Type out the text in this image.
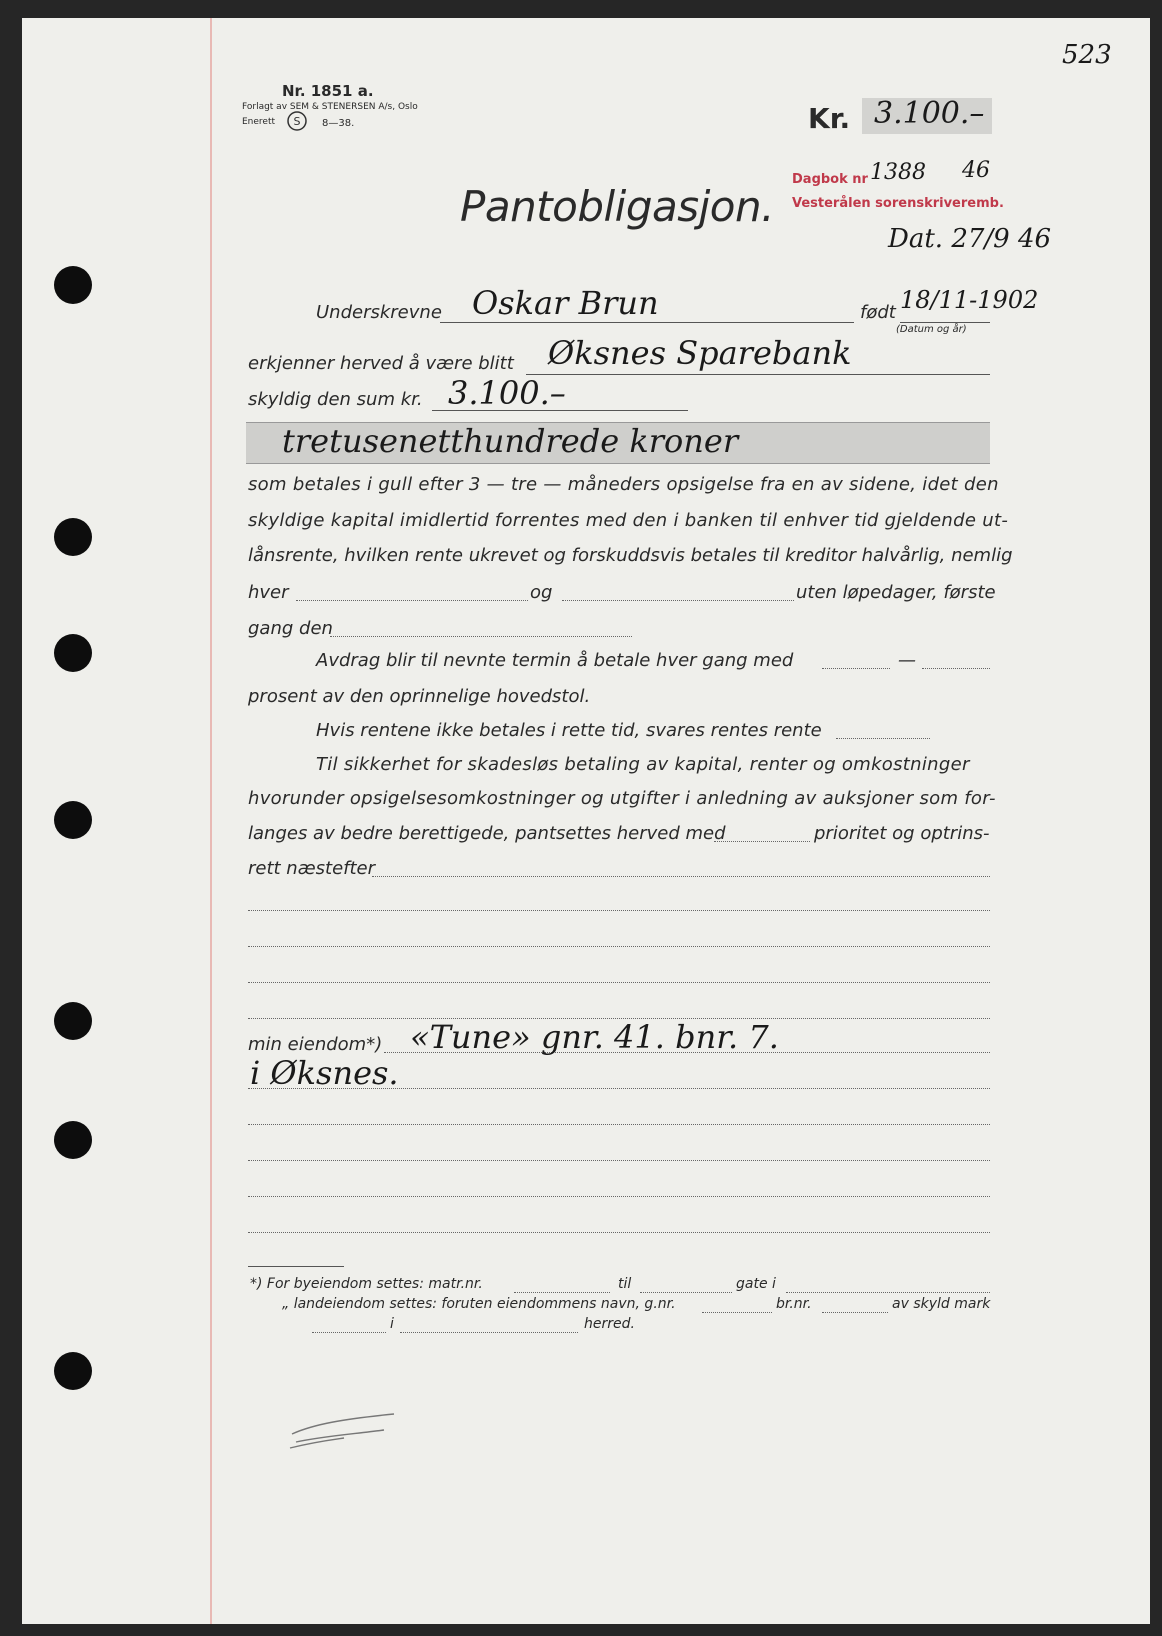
523
Nr. 1851 a.
Forlagt av SEM & STENERSEN A/s, Oslo
Enerett S 8—38.	Kr. 3.100.–
Pantobligasjon.
Dagbok nr 1388 46
Vesterålen sorenskriveremb.
Dat. 27/9 46
Underskrevne Oskar Brun	født 18/11-1902
(Datum og år)
erkjenner herved å være blitt Øksnes Sparebank
skyldig den sum kr. 3.100.–
tretusenetthundrede kroner
som betales i gull efter 3 — tre — måneders opsigelse fra en av sidene, idet den
skyldige kapital imidlertid forrentes med den i banken til enhver tid gjeldende ut-
lånsrente, hvilken rente ukrevet og forskuddsvis betales til kreditor halvårlig, nemlig
hver	og	uten løpedager, første
gang den
Avdrag blir til nevnte termin å betale hver gang med	—
prosent av den oprinnelige hovedstol.
Hvis rentene ikke betales i rette tid, svares rentes rente
Til sikkerhet for skadesløs betaling av kapital, renter og omkostninger
hvorunder opsigelsesomkostninger og utgifter i anledning av auksjoner som for-
langes av bedre berettigede, pantsettes herved med	prioritet og optrins-
rett næstefter
min eiendom*) «Tune» gnr. 41. bnr. 7.
i Øksnes.
*) For byeiendom settes: matr.nr.	til	gate i
„ landeiendom settes: foruten eiendommens navn, g.nr.	br.nr.	av skyld mark
i	herred.
